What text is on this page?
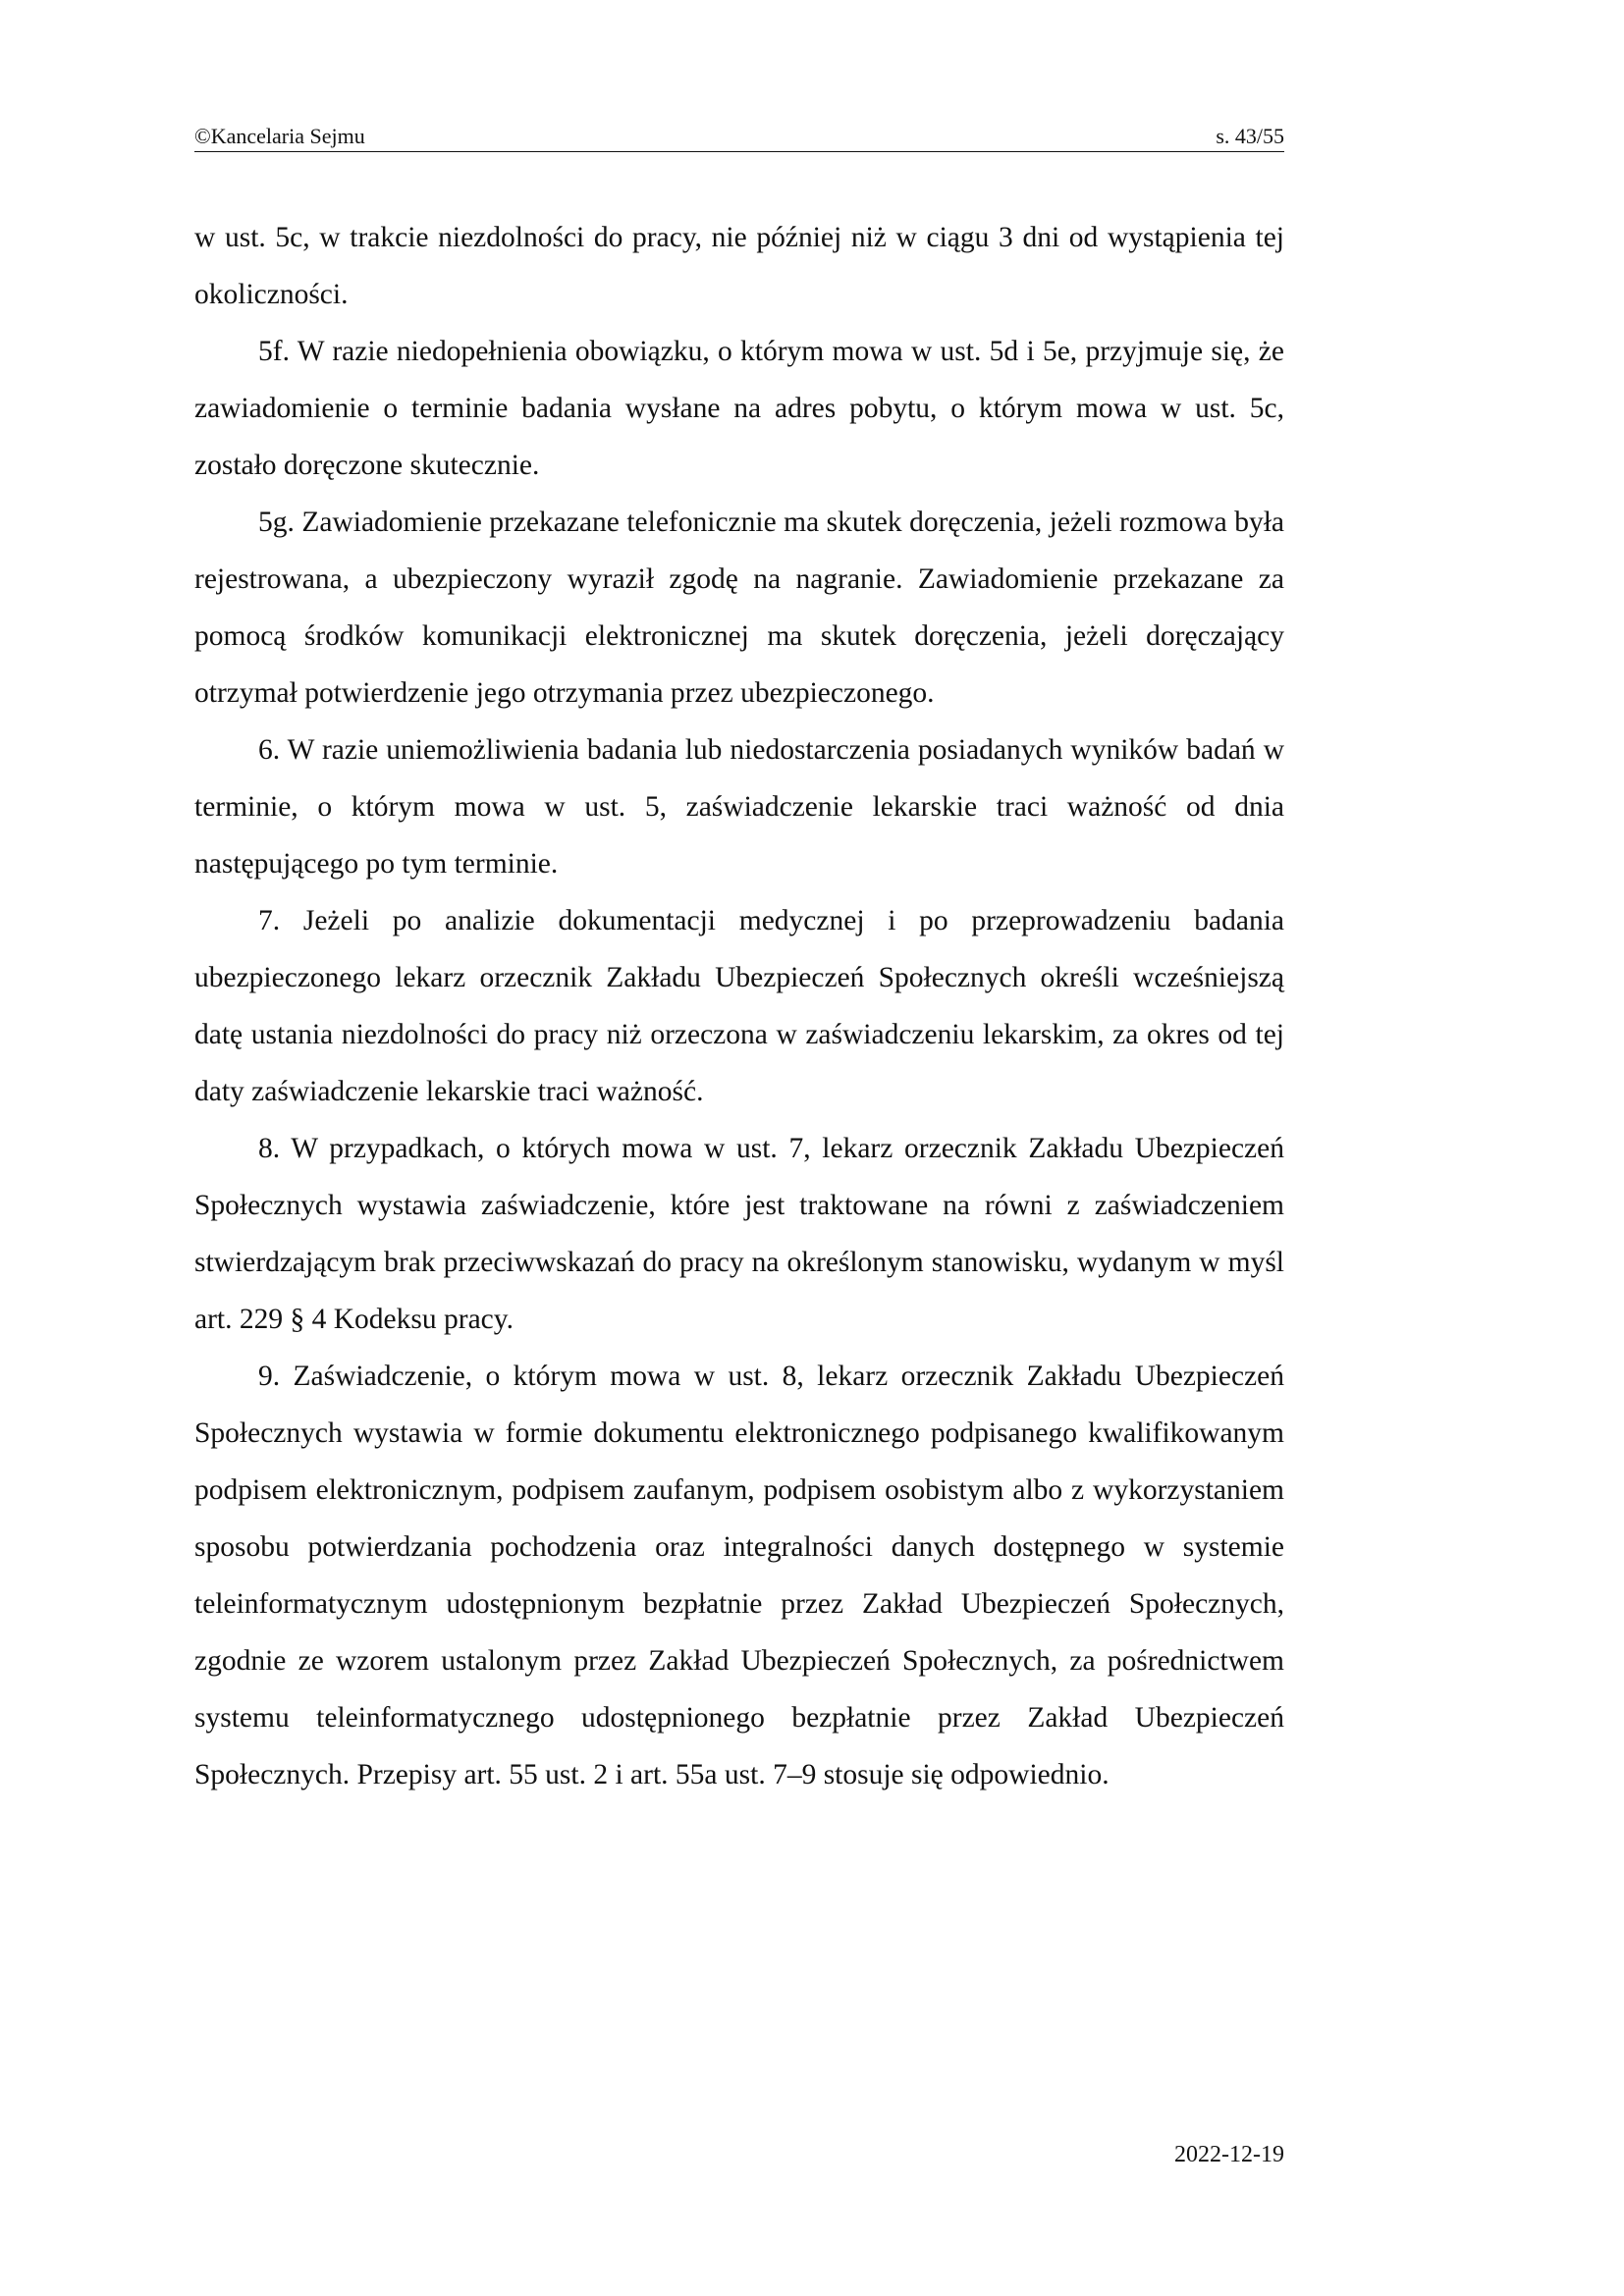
©Kancelaria Sejmu	s. 43/55

w ust. 5c, w trakcie niezdolności do pracy, nie później niż w ciągu 3 dni od wystąpienia tej okoliczności.

5f. W razie niedopełnienia obowiązku, o którym mowa w ust. 5d i 5e, przyjmuje się, że zawiadomienie o terminie badania wysłane na adres pobytu, o którym mowa w ust. 5c, zostało doręczone skutecznie.

5g. Zawiadomienie przekazane telefonicznie ma skutek doręczenia, jeżeli rozmowa była rejestrowana, a ubezpieczony wyraził zgodę na nagranie. Zawiadomienie przekazane za pomocą środków komunikacji elektronicznej ma skutek doręczenia, jeżeli doręczający otrzymał potwierdzenie jego otrzymania przez ubezpieczonego.

6. W razie uniemożliwienia badania lub niedostarczenia posiadanych wyników badań w terminie, o którym mowa w ust. 5, zaświadczenie lekarskie traci ważność od dnia następującego po tym terminie.

7. Jeżeli po analizie dokumentacji medycznej i po przeprowadzeniu badania ubezpieczonego lekarz orzecznik Zakładu Ubezpieczeń Społecznych określi wcześniejszą datę ustania niezdolności do pracy niż orzeczona w zaświadczeniu lekarskim, za okres od tej daty zaświadczenie lekarskie traci ważność.

8. W przypadkach, o których mowa w ust. 7, lekarz orzecznik Zakładu Ubezpieczeń Społecznych wystawia zaświadczenie, które jest traktowane na równi z zaświadczeniem stwierdzającym brak przeciwwskazań do pracy na określonym stanowisku, wydanym w myśl art. 229 § 4 Kodeksu pracy.

9. Zaświadczenie, o którym mowa w ust. 8, lekarz orzecznik Zakładu Ubezpieczeń Społecznych wystawia w formie dokumentu elektronicznego podpisanego kwalifikowanym podpisem elektronicznym, podpisem zaufanym, podpisem osobistym albo z wykorzystaniem sposobu potwierdzania pochodzenia oraz integralności danych dostępnego w systemie teleinformatycznym udostępnionym bezpłatnie przez Zakład Ubezpieczeń Społecznych, zgodnie ze wzorem ustalonym przez Zakład Ubezpieczeń Społecznych, za pośrednictwem systemu teleinformatycznego udostępnionego bezpłatnie przez Zakład Ubezpieczeń Społecznych. Przepisy art. 55 ust. 2 i art. 55a ust. 7–9 stosuje się odpowiednio.

2022-12-19
